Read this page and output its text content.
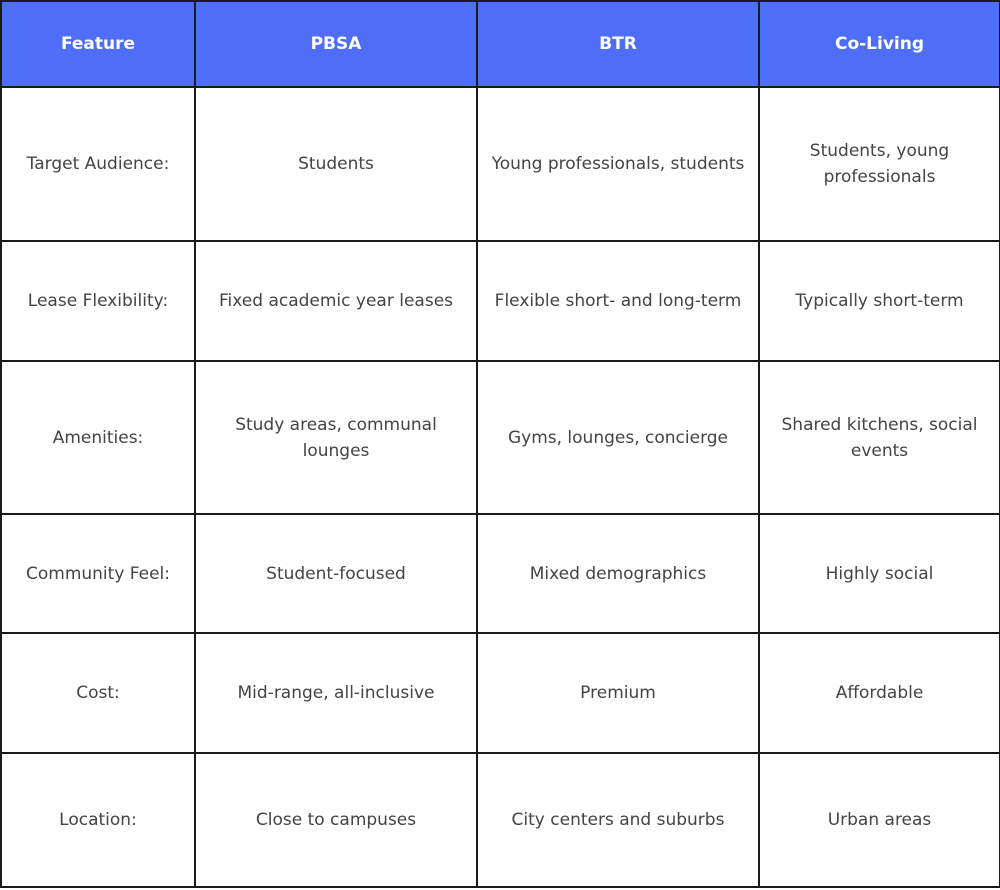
Feature	PBSA	BTR	Co-Living
Target Audience:	Students	Young professionals, students	Students, young professionals
Lease Flexibility:	Fixed academic year leases	Flexible short- and long-term	Typically short-term
Amenities:	Study areas, communal lounges	Gyms, lounges, concierge	Shared kitchens, social events
Community Feel:	Student-focused	Mixed demographics	Highly social
Cost:	Mid-range, all-inclusive	Premium	Affordable
Location:	Close to campuses	City centers and suburbs	Urban areas
